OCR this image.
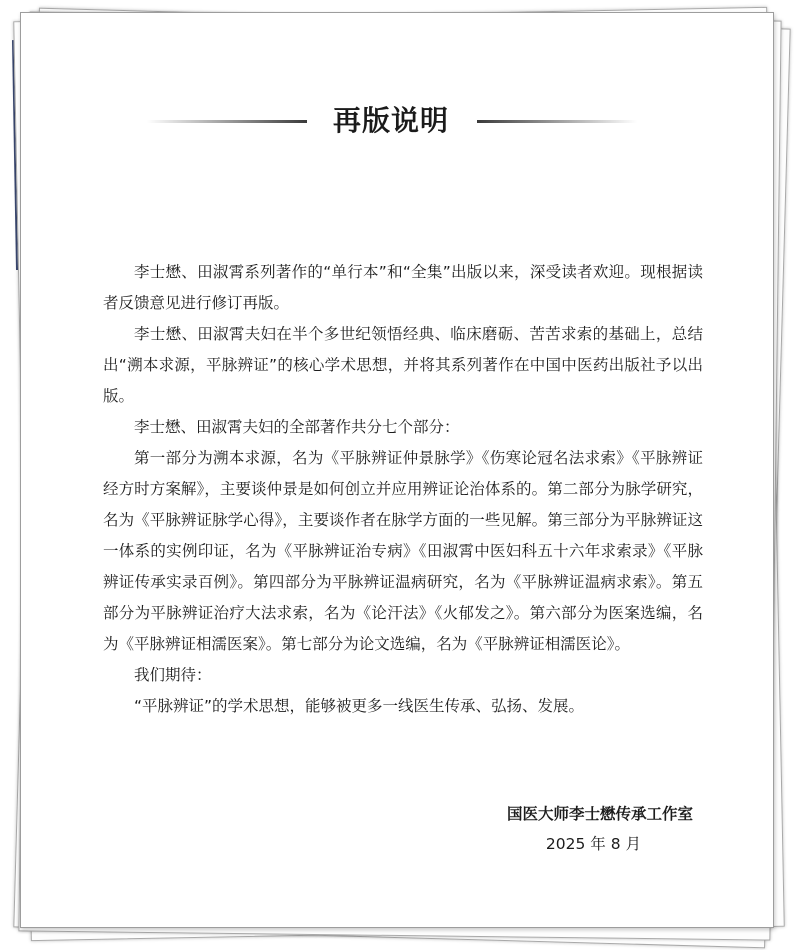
再版说明

李士懋、田淑霄系列著作的“单行本”和“全集”出版以来，深受读者欢迎。现根据读者反馈意见进行修订再版。

李士懋、田淑霄夫妇在半个多世纪领悟经典、临床磨砺、苦苦求索的基础上，总结出“溯本求源，平脉辨证”的核心学术思想，并将其系列著作在中国中医药出版社予以出版。

李士懋、田淑霄夫妇的全部著作共分七个部分：

第一部分为溯本求源，名为《平脉辨证仲景脉学》《伤寒论冠名法求索》《平脉辨证经方时方案解》，主要谈仲景是如何创立并应用辨证论治体系的。第二部分为脉学研究，名为《平脉辨证脉学心得》，主要谈作者在脉学方面的一些见解。第三部分为平脉辨证这一体系的实例印证，名为《平脉辨证治专病》《田淑霄中医妇科五十六年求索录》《平脉辨证传承实录百例》。第四部分为平脉辨证温病研究，名为《平脉辨证温病求索》。第五部分为平脉辨证治疗大法求索，名为《论汗法》《火郁发之》。第六部分为医案选编，名为《平脉辨证相濡医案》。第七部分为论文选编，名为《平脉辨证相濡医论》。

我们期待：

“平脉辨证”的学术思想，能够被更多一线医生传承、弘扬、发展。

国医大师李士懋传承工作室
2025 年 8 月
